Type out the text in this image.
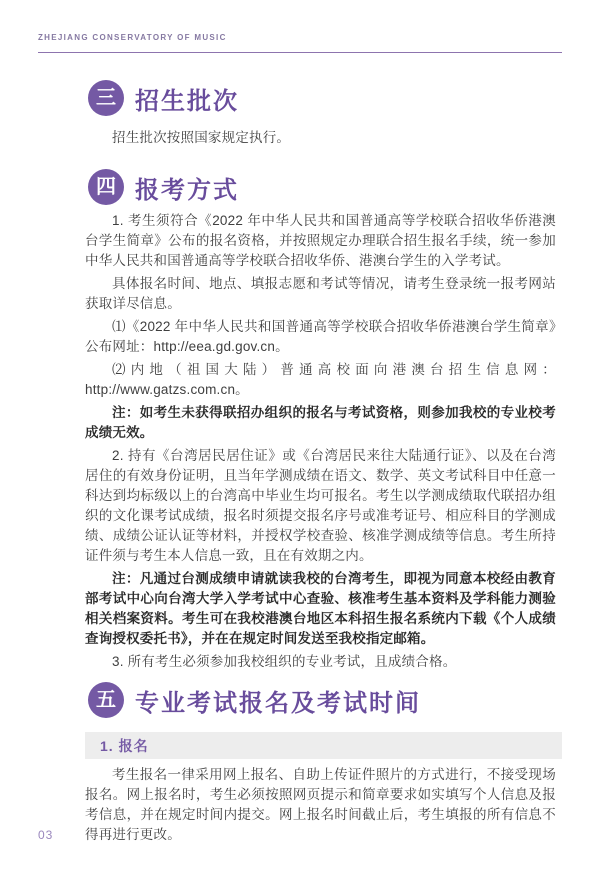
ZHEJIANG CONSERVATORY OF MUSIC
三 招生批次

招生批次按照国家规定执行。

四 报考方式

1. 考生须符合《2022 年中华人民共和国普通高等学校联合招收华侨港澳台学生简章》公布的报名资格，并按照规定办理联合招生报名手续，统一参加中华人民共和国普通高等学校联合招收华侨、港澳台学生的入学考试。

具体报名时间、地点、填报志愿和考试等情况，请考生登录统一报考网站获取详尽信息。

⑴《2022 年中华人民共和国普通高等学校联合招收华侨港澳台学生简章》公布网址：http://eea.gd.gov.cn。

⑵内地（祖国大陆）普通高校面向港澳台招生信息网：http://www.gatzs.com.cn。

注：如考生未获得联招办组织的报名与考试资格，则参加我校的专业校考成绩无效。

2. 持有《台湾居民居住证》或《台湾居民来往大陆通行证》、以及在台湾居住的有效身份证明，且当年学测成绩在语文、数学、英文考试科目中任意一科达到均标级以上的台湾高中毕业生均可报名。考生以学测成绩取代联招办组织的文化课考试成绩，报名时须提交报名序号或准考证号、相应科目的学测成绩、成绩公证认证等材料，并授权学校查验、核准学测成绩等信息。考生所持证件须与考生本人信息一致，且在有效期之内。

注：凡通过台测成绩申请就读我校的台湾考生，即视为同意本校经由教育部考试中心向台湾大学入学考试中心查验、核准考生基本资料及学科能力测验相关档案资料。考生可在我校港澳台地区本科招生报名系统内下载《个人成绩查询授权委托书》，并在在规定时间发送至我校指定邮箱。

3. 所有考生必须参加我校组织的专业考试，且成绩合格。

五 专业考试报名及考试时间
1. 报名

考生报名一律采用网上报名、自助上传证件照片的方式进行，不接受现场报名。网上报名时，考生必须按照网页提示和简章要求如实填写个人信息及报考信息，并在规定时间内提交。网上报名时间截止后，考生填报的所有信息不得再进行更改。

03
